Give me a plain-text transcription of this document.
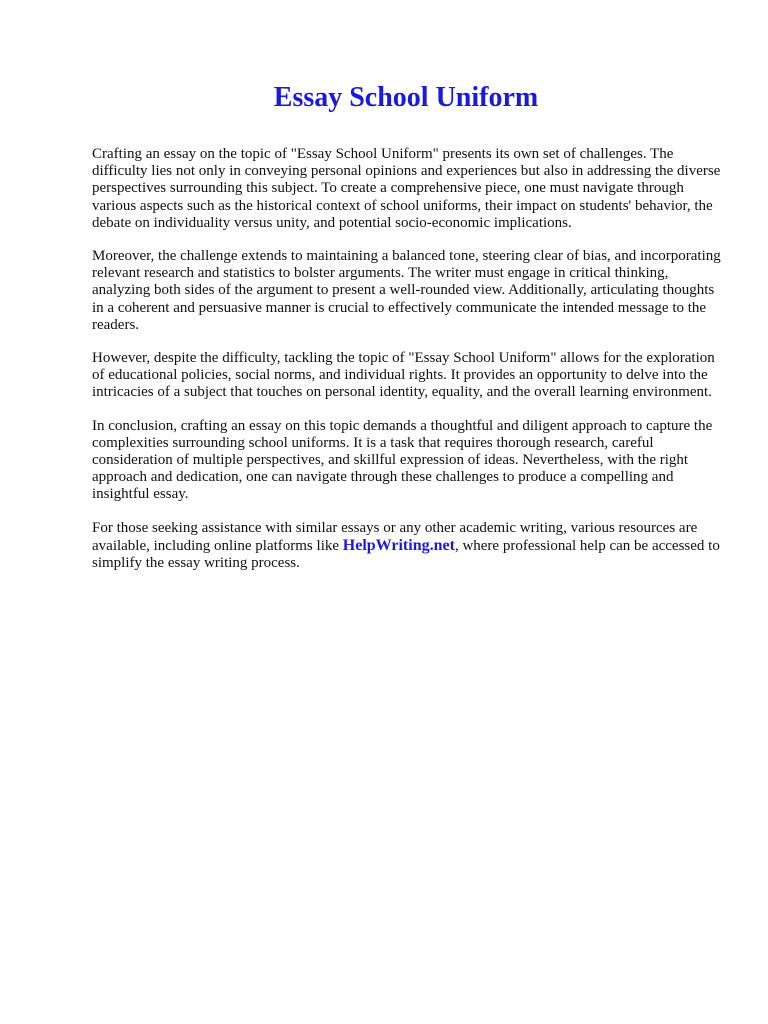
Essay School Uniform

Crafting an essay on the topic of "Essay School Uniform" presents its own set of challenges. The difficulty lies not only in conveying personal opinions and experiences but also in addressing the diverse perspectives surrounding this subject. To create a comprehensive piece, one must navigate through various aspects such as the historical context of school uniforms, their impact on students' behavior, the debate on individuality versus unity, and potential socio-economic implications.

Moreover, the challenge extends to maintaining a balanced tone, steering clear of bias, and incorporating relevant research and statistics to bolster arguments. The writer must engage in critical thinking, analyzing both sides of the argument to present a well-rounded view. Additionally, articulating thoughts in a coherent and persuasive manner is crucial to effectively communicate the intended message to the readers.

However, despite the difficulty, tackling the topic of "Essay School Uniform" allows for the exploration of educational policies, social norms, and individual rights. It provides an opportunity to delve into the intricacies of a subject that touches on personal identity, equality, and the overall learning environment.

In conclusion, crafting an essay on this topic demands a thoughtful and diligent approach to capture the complexities surrounding school uniforms. It is a task that requires thorough research, careful consideration of multiple perspectives, and skillful expression of ideas. Nevertheless, with the right approach and dedication, one can navigate through these challenges to produce a compelling and insightful essay.

For those seeking assistance with similar essays or any other academic writing, various resources are available, including online platforms like HelpWriting.net, where professional help can be accessed to simplify the essay writing process.
